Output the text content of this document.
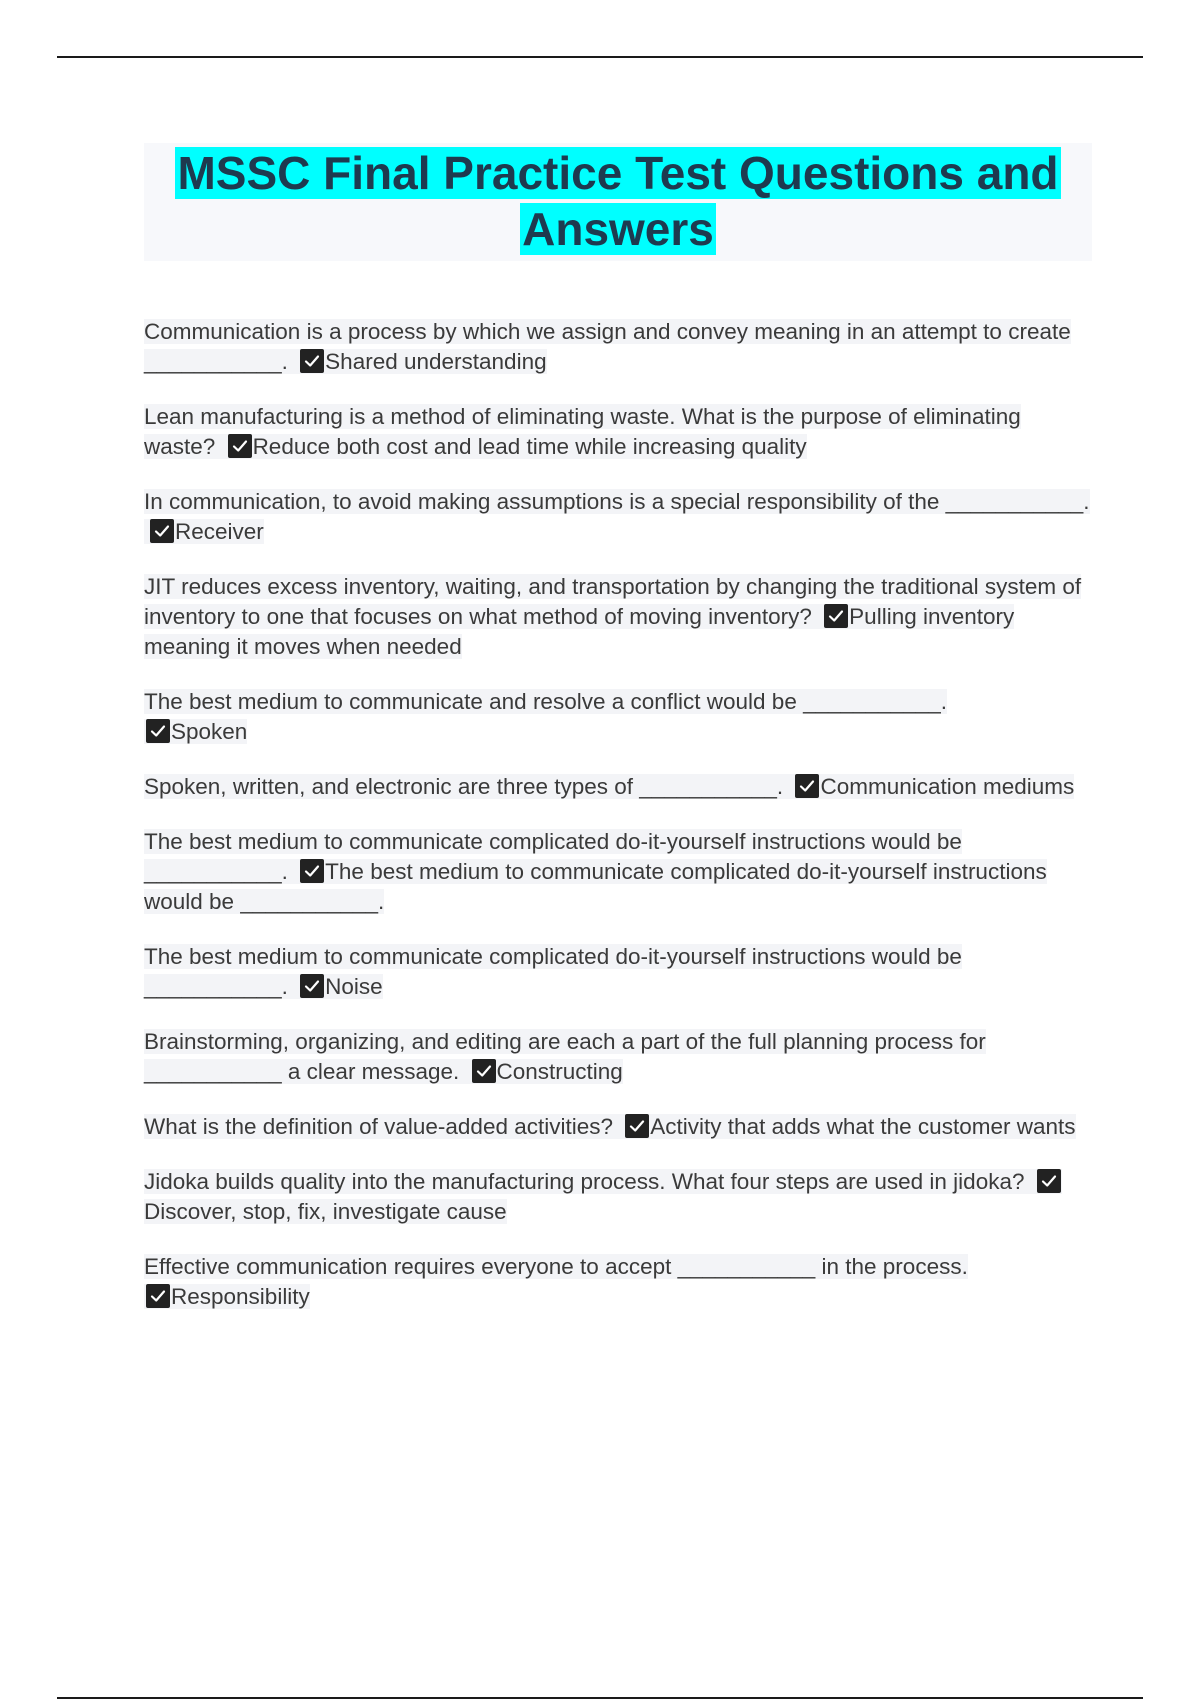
MSSC Final Practice Test Questions and Answers
Communication is a process by which we assign and convey meaning in an attempt to create ___________. Shared understanding
Lean manufacturing is a method of eliminating waste. What is the purpose of eliminating waste? Reduce both cost and lead time while increasing quality
In communication, to avoid making assumptions is a special responsibility of the ___________.
Receiver
JIT reduces excess inventory, waiting, and transportation by changing the traditional system of inventory to one that focuses on what method of moving inventory? Pulling inventory meaning it moves when needed
The best medium to communicate and resolve a conflict would be ___________.

Spoken
Spoken, written, and electronic are three types of ___________. Communication mediums
The best medium to communicate complicated do-it-yourself instructions would be ___________. The best medium to communicate complicated do-it-yourself instructions would be ___________.
The best medium to communicate complicated do-it-yourself instructions would be ___________. Noise
Brainstorming, organizing, and editing are each a part of the full planning process for ___________ a clear message. Constructing
What is the definition of value-added activities? Activity that adds what the customer wants
Jidoka builds quality into the manufacturing process. What four steps are used in jidoka?
Discover, stop, fix, investigate cause
Effective communication requires everyone to accept ___________ in the process.

Responsibility
